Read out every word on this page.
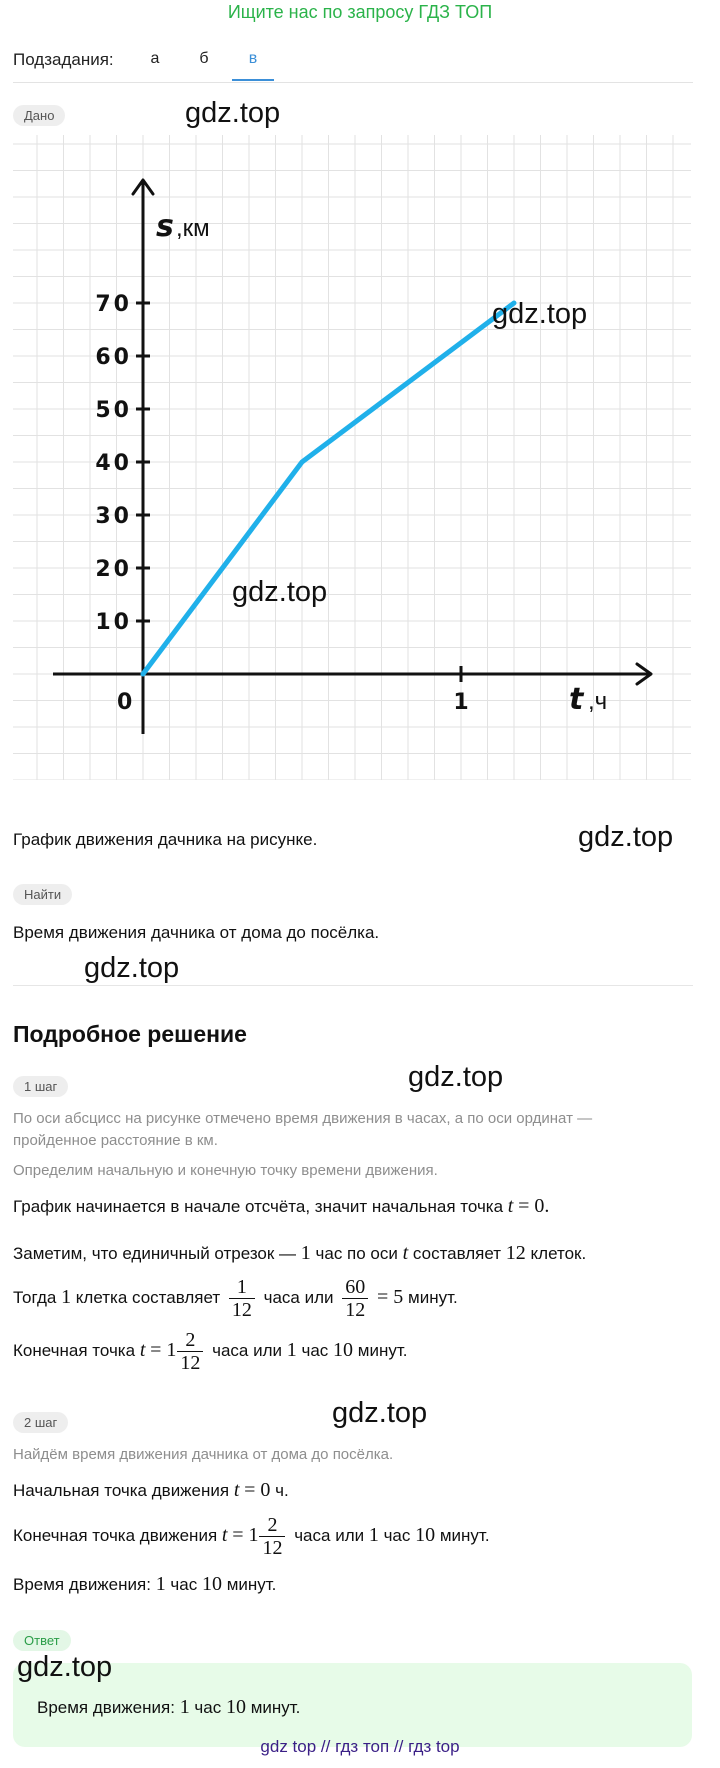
Ищите нас по запросу ГДЗ ТОП
Подзадания:	а	б	в
Дано	gdz.top
10
20
30
40
50
60
70
1
s ,км
t ,ч
0
gdz.top
gdz.top
График движения дачника на рисунке.	gdz.top
Найти
Время движения дачника от дома до посёлка.
gdz.top
Подробное решение
1 шаг	gdz.top
По оси абсцисс на рисунке отмечено время движения в часах, а по оси ординат — пройденное расстояние в км.
Определим начальную и конечную точку времени движения.
График начинается в начале отсчёта, значит начальная точка t = 0.
Заметим, что единичный отрезок — 1 час по оси t составляет 12 клеток.
Тогда 1 клетка составляет $\frac{1}{12}$ часа или $\frac{60}{12} = 5$ минут.
Конечная точка $t = 1 \frac{2}{12}$ часа или 1 час 10 минут.
2 шаг	gdz.top
Найдём время движения дачника от дома до посёлка.
Начальная точка движения t = 0 ч.
Конечная точка движения $t = 1 \frac{2}{12}$ часа или 1 час 10 минут.
Время движения: 1 час 10 минут.
Ответ
gdz.top
Время движения: 1 час 10 минут.
gdz top // гдз топ // гдз top
